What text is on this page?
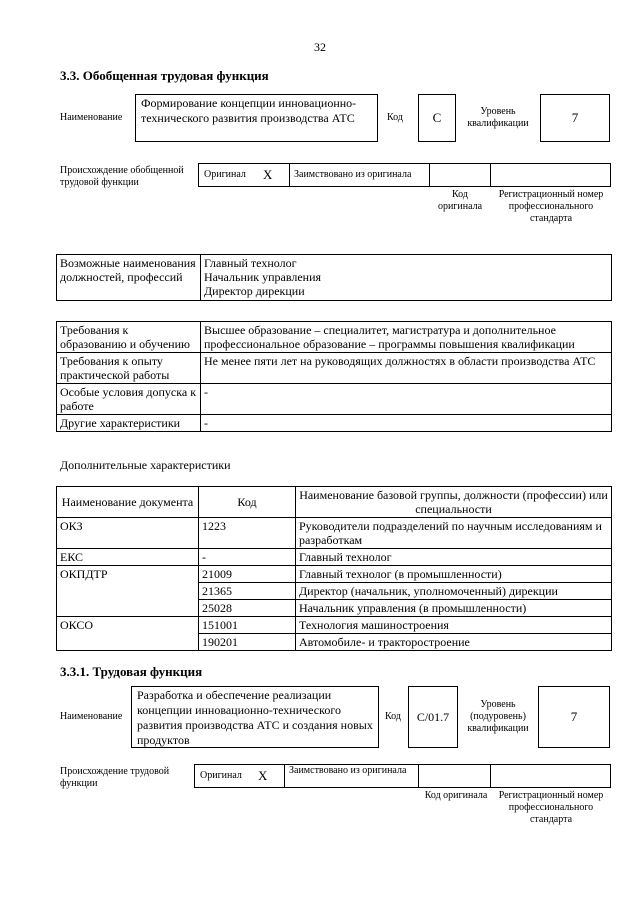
32
3.3. Обобщенная трудовая функция
Наименование
Формирование концепции инновационно-технического развития производства АТС	Код	С	Уровень квалификации	7
Происхождение обобщенной трудовой функции
Оригинал X Заимствовано из оригинала
Код оригинала
Регистрационный номер профессионального стандарта
Возможные наименования должностей, профессий	
Главный технолог
Начальник управления
Директор дирекции
Требования к образованию и обучению	Высшее образование – специалитет, магистратура и дополнительное профессиональное образование – программы повышения квалификации
Требования к опыту практической работы	Не менее пяти лет на руководящих должностях в области производства АТС
Особые условия допуска к работе	-
Другие характеристики	-
Дополнительные характеристики
Наименование документа	Код	Наименование базовой группы, должности (профессии) или специальности
ОКЗ	1223	Руководители подразделений по научным исследованиям и разработкам
ЕКС	-	Главный технолог
ОКПДТР	21009	Главный технолог (в промышленности)
	21365	Директор (начальник, уполномоченный) дирекции
	25028	Начальник управления (в промышленности)
ОКСО	151001	Технология машиностроения
	190201	Автомобиле- и тракторостроение
3.3.1. Трудовая функция
Наименование
Разработка и обеспечение реализации концепции инновационно-технического развития производства АТС и создания новых продуктов
Код	С/01.7
Уровень (подуровень) квалификации
7
Происхождение трудовой функции
Оригинал X Заимствовано из оригинала
Код оригинала Регистрационный номер профессионального стандарта
